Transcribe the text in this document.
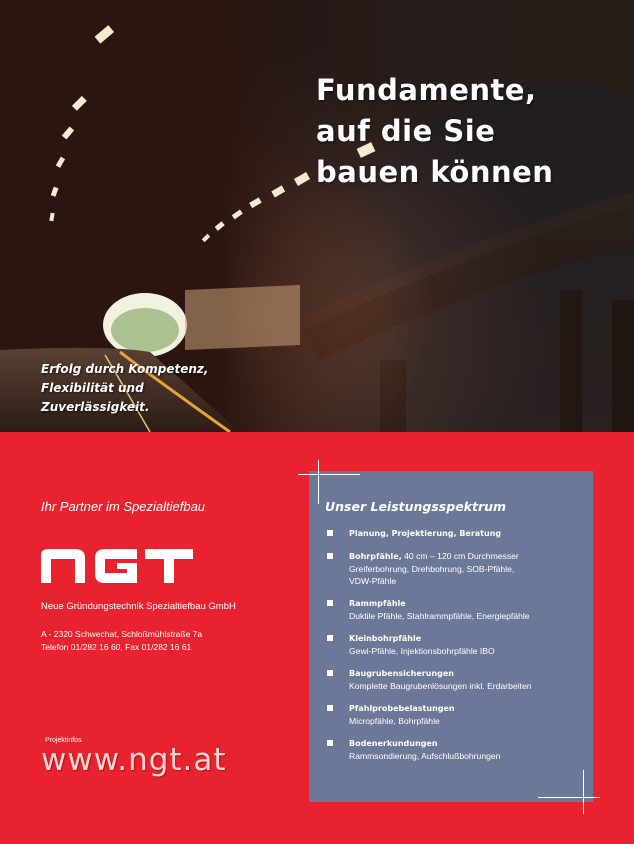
Fundamente,
auf die Sie
bauen können
Erfolg durch Kompetenz,
Flexibilität und
Zuverlässigkeit.
Ihr Partner im Spezialtiefbau
Neue Gründungstechnik Spezialtiefbau GmbH
A - 2320 Schwechat, Schloßmühlstraße 7a
Telefon 01/282 16 60, Fax 01/282 16 61
Projektinfos
www.ngt.at
Unser Leistungsspektrum
Planung, Projektierung, Beratung
Bohrpfähle, 40 cm – 120 cm Durchmesser
Greiferbohrung, Drehbohrung, SOB-Pfähle,
VDW-Pfähle
Rammpfähle
Duktile Pfähle, Stahlrammpfähle, Energiepfähle
Kleinbohrpfähle
Gewi-Pfähle, Injektionsbohrpfähle IBO
Baugrubensicherungen
Komplette Baugrubenlösungen inkl. Erdarbeiten
Pfahlprobebelastungen
Micropfähle, Bohrpfähle
Bodenerkundungen
Rammsondierung, Aufschlußbohrungen
